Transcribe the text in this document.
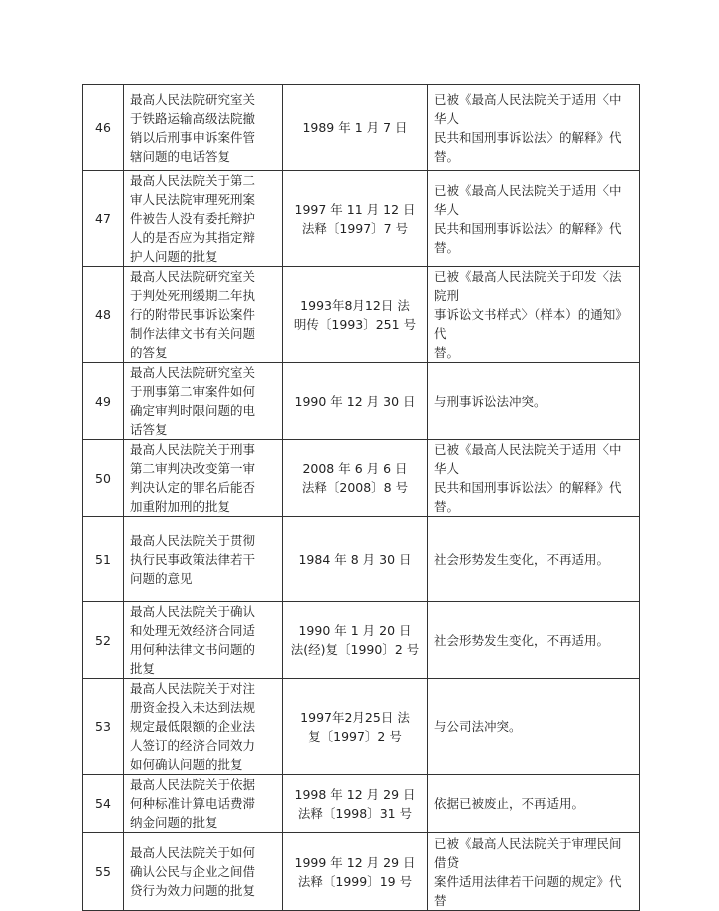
46	最高人民法院研究室关
于铁路运输高级法院撤
销以后刑事申诉案件管
辖问题的电话答复	1989 年 1 月 7 日	已被《最高人民法院关于适用〈中华人
民共和国刑事诉讼法〉的解释》代替。
47	最高人民法院关于第二
审人民法院审理死刑案
件被告人没有委托辩护
人的是否应为其指定辩
护人问题的批复	1997 年 11 月 12 日
法释〔1997〕7 号	已被《最高人民法院关于适用〈中华人
民共和国刑事诉讼法〉的解释》代替。
48	最高人民法院研究室关
于判处死刑缓期二年执
行的附带民事诉讼案件
制作法律文书有关问题
的答复	1993年8月12日 法
明传〔1993〕251 号	已被《最高人民法院关于印发〈法院刑
事诉讼文书样式〉（样本）的通知》代
替。
49	最高人民法院研究室关
于刑事第二审案件如何
确定审判时限问题的电
话答复	1990 年 12 月 30 日	与刑事诉讼法冲突。
50	最高人民法院关于刑事
第二审判决改变第一审
判决认定的罪名后能否
加重附加刑的批复	2008 年 6 月 6 日
法释〔2008〕8 号	已被《最高人民法院关于适用〈中华人
民共和国刑事诉讼法〉的解释》代替。
51	最高人民法院关于贯彻
执行民事政策法律若干
问题的意见	1984 年 8 月 30 日	社会形势发生变化，不再适用。
52	最高人民法院关于确认
和处理无效经济合同适
用何种法律文书问题的
批复	1990 年 1 月 20 日
法(经)复〔1990〕2 号	社会形势发生变化，不再适用。
53	最高人民法院关于对注
册资金投入未达到法规
规定最低限额的企业法
人签订的经济合同效力
如何确认问题的批复	1997年2月25日 法
复〔1997〕2 号	与公司法冲突。
54	最高人民法院关于依据
何种标准计算电话费滞
纳金问题的批复	1998 年 12 月 29 日
法释〔1998〕31 号	依据已被废止，不再适用。
55	最高人民法院关于如何
确认公民与企业之间借
贷行为效力问题的批复	1999 年 12 月 29 日
法释〔1999〕19 号	已被《最高人民法院关于审理民间借贷
案件适用法律若干问题的规定》代替
